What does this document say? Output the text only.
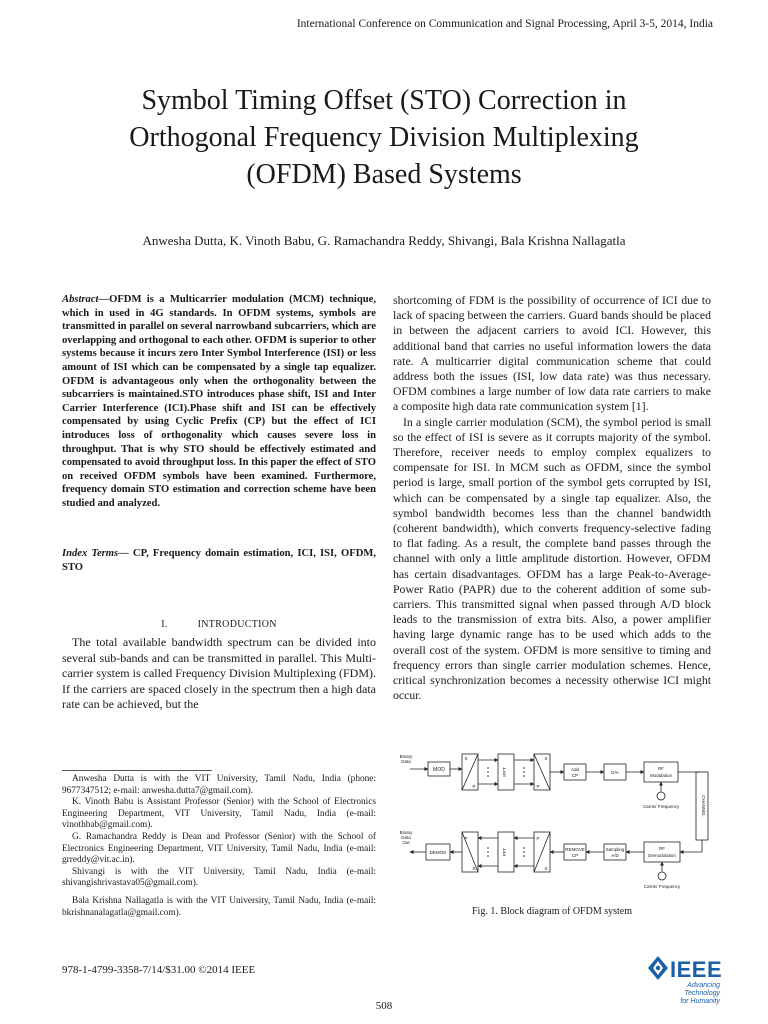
International Conference on Communication and Signal Processing, April 3-5, 2014, India
Symbol Timing Offset (STO) Correction in
Orthogonal Frequency Division Multiplexing
(OFDM) Based Systems
Anwesha Dutta, K. Vinoth Babu, G. Ramachandra Reddy, Shivangi, Bala Krishna Nallagatla
Abstract—OFDM is a Multicarrier modulation (MCM) technique, which in used in 4G standards. In OFDM systems, symbols are transmitted in parallel on several narrowband subcarriers, which are overlapping and orthogonal to each other. OFDM is superior to other systems because it incurs zero Inter Symbol Interference (ISI) or less amount of ISI which can be compensated by a single tap equalizer. OFDM is advantageous only when the orthogonality between the subcarriers is maintained.STO introduces phase shift, ISI and Inter Carrier Interference (ICI).Phase shift and ISI can be effectively compensated by using Cyclic Prefix (CP) but the effect of ICI introduces loss of orthogonality which causes severe loss in throughput. That is why STO should be effectively estimated and compensated to avoid throughput loss. In this paper the effect of STO on received OFDM symbols have been examined. Furthermore, frequency domain STO estimation and correction scheme have been studied and analyzed.
Index Terms— CP, Frequency domain estimation, ICI, ISI, OFDM, STO
I.	INTRODUCTION
The total available bandwidth spectrum can be divided into several sub-bands and can be transmitted in parallel. This Multi-carrier system is called Frequency Division Multiplexing (FDM). If the carriers are spaced closely in the spectrum then a high data rate can be achieved, but the

Anwesha Dutta is with the VIT University, Tamil Nadu, India (phone: 9677347512; e-mail: anwesha.dutta7@gmail.com).

K. Vinoth Babu is Assistant Professor (Senior) with the School of Electronics Engineering Department, VIT University, Tamil Nadu, India (e-mail: vinothbab@gmail.com).

G. Ramachandra Reddy is Dean and Professor (Senior) with the School of Electronics Engineering Department, VIT University, Tamil Nadu, India (e-mail: grreddy@vit.ac.in).

Shivangi is with the VIT University, Tamil Nadu, India (e-mail: shivangishrivastava05@gmail.com).

Bala Krishna Nallagatla is with the VIT University, Tamil Nadu, India (e-mail: bkrishnanalagatla@gmail.com).

shortcoming of FDM is the possibility of occurrence of ICI due to lack of spacing between the carriers. Guard bands should be placed in between the adjacent carriers to avoid ICI. However, this additional band that carries no useful information lowers the data rate. A multicarrier digital communication scheme that could address both the issues (ISI, low data rate) was thus necessary. OFDM combines a large number of low data rate carriers to make a composite high data rate communication system [1].

In a single carrier modulation (SCM), the symbol period is small so the effect of ISI is severe as it corrupts majority of the symbol. Therefore, receiver needs to employ complex equalizers to compensate for ISI. In MCM such as OFDM, since the symbol period is large, small portion of the symbol gets corrupted by ISI, which can be compensated by a single tap equalizer. Also, the symbol bandwidth becomes less than the channel bandwidth (coherent bandwidth), which converts frequency-selective fading to flat fading. As a result, the complete band passes through the channel with only a little amplitude distortion. However, OFDM has certain disadvantages. OFDM has a large Peak-to-Average-Power Ratio (PAPR) due to the coherent addition of some sub-carriers. This transmitted signal when passed through A/D block leads to the transmission of extra bits. Also, a power amplifier having large dynamic range has to be used which adds to the overall cost of the system. OFDM is more sensitive to timing and frequency errors than single carrier modulation schemes. Hence, critical synchronization becomes a necessity otherwise ICI might occur.

Binary
Data
MOD
S
P
IFFT
P
S
Add
CP
D/A
RF
Modulation
Carrier Frequency	CHANNEL
Binary
Data
Out
DEMOD
P
S
FFT
P
S
REMOVE
CP
Sampling
A/D
RF
Demodulation
Carrier Frequency
Fig. 1. Block diagram of OFDM system
978-1-4799-3358-7/14/$31.00 ©2014 IEEE	IEEE
Advancing Technology
for Humanity
508
